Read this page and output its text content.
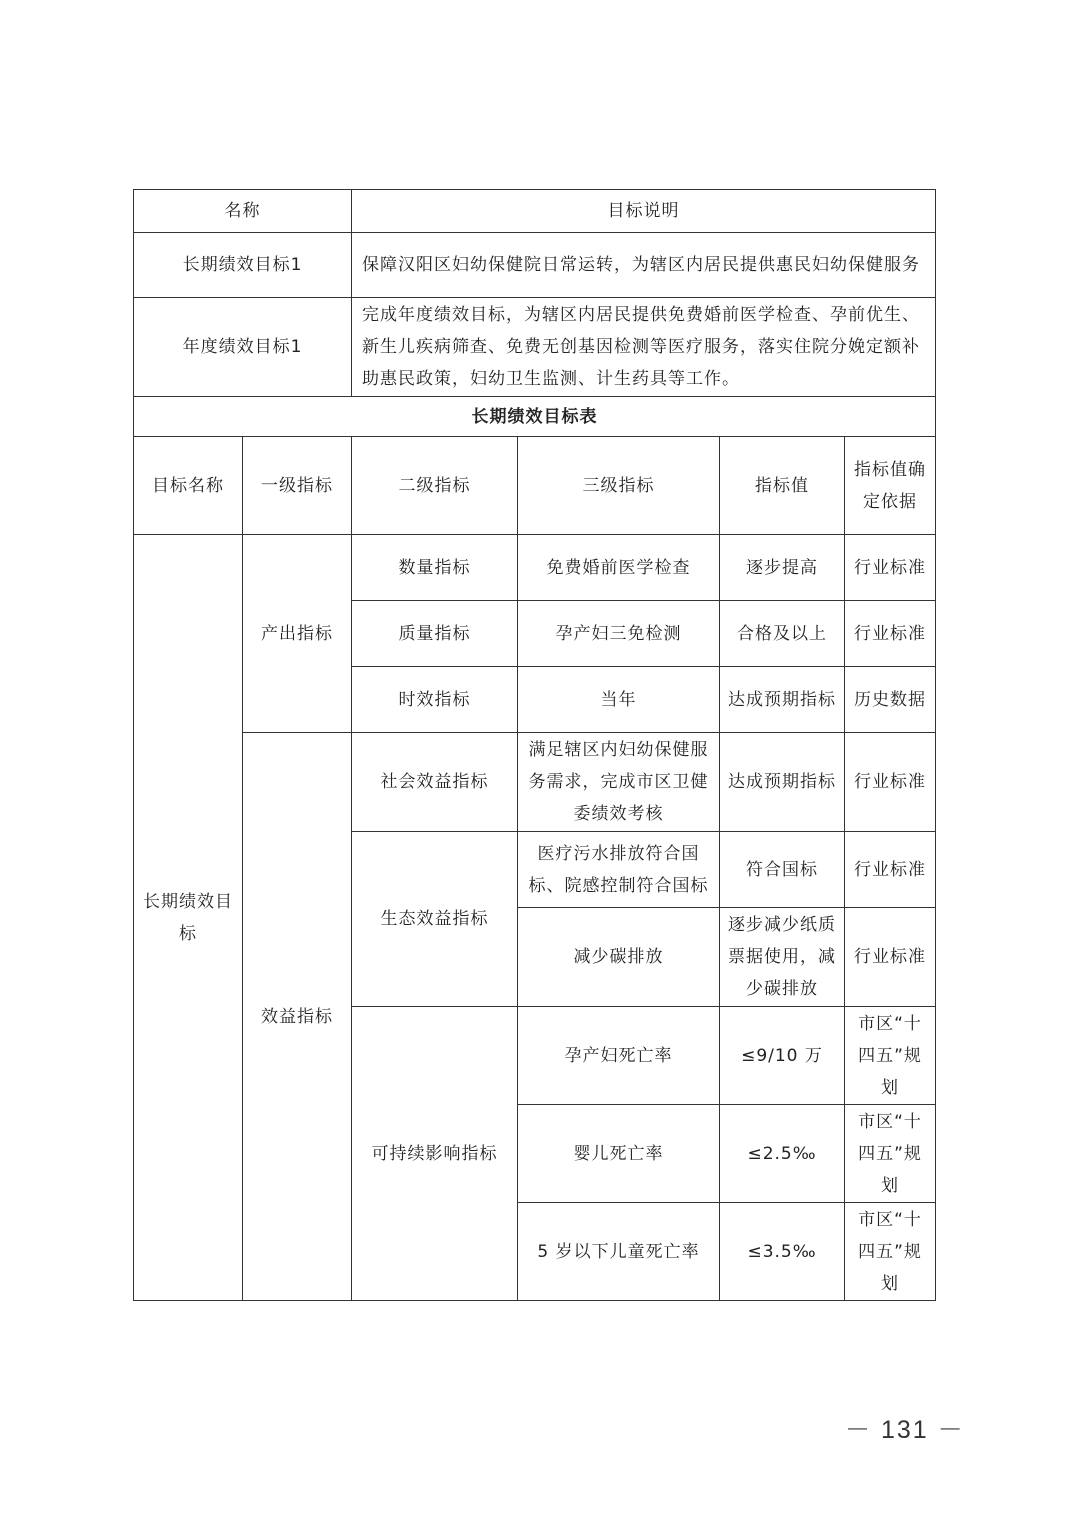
名称		目标说明			
长期绩效目标1		保障汉阳区妇幼保健院日常运转，为辖区内居民提供惠民妇幼保健服务			
年度绩效目标1		完成年度绩效目标，为辖区内居民提供免费婚前医学检查、孕前优生、新生儿疾病筛查、免费无创基因检测等医疗服务，落实住院分娩定额补助惠民政策，妇幼卫生监测、计生药具等工作。			
长期绩效目标表					
目标名称	一级指标	二级指标	三级指标	指标值	指标值确定依据
长期绩效目标	产出指标	数量指标	免费婚前医学检查	逐步提高	行业标准
		质量指标	孕产妇三免检测	合格及以上	行业标准
		时效指标	当年	达成预期指标	历史数据
	效益指标	社会效益指标	满足辖区内妇幼保健服务需求，完成市区卫健委绩效考核	达成预期指标	行业标准
		生态效益指标	医疗污水排放符合国标、院感控制符合国标	符合国标	行业标准
			减少碳排放	逐步减少纸质票据使用，减少碳排放	行业标准
		可持续影响指标	孕产妇死亡率	≤9/10 万	市区“十四五”规划
			婴儿死亡率	≤2.5‰	市区“十四五”规划
			5 岁以下儿童死亡率	≤3.5‰	市区“十四五”规划
－ 131 －
